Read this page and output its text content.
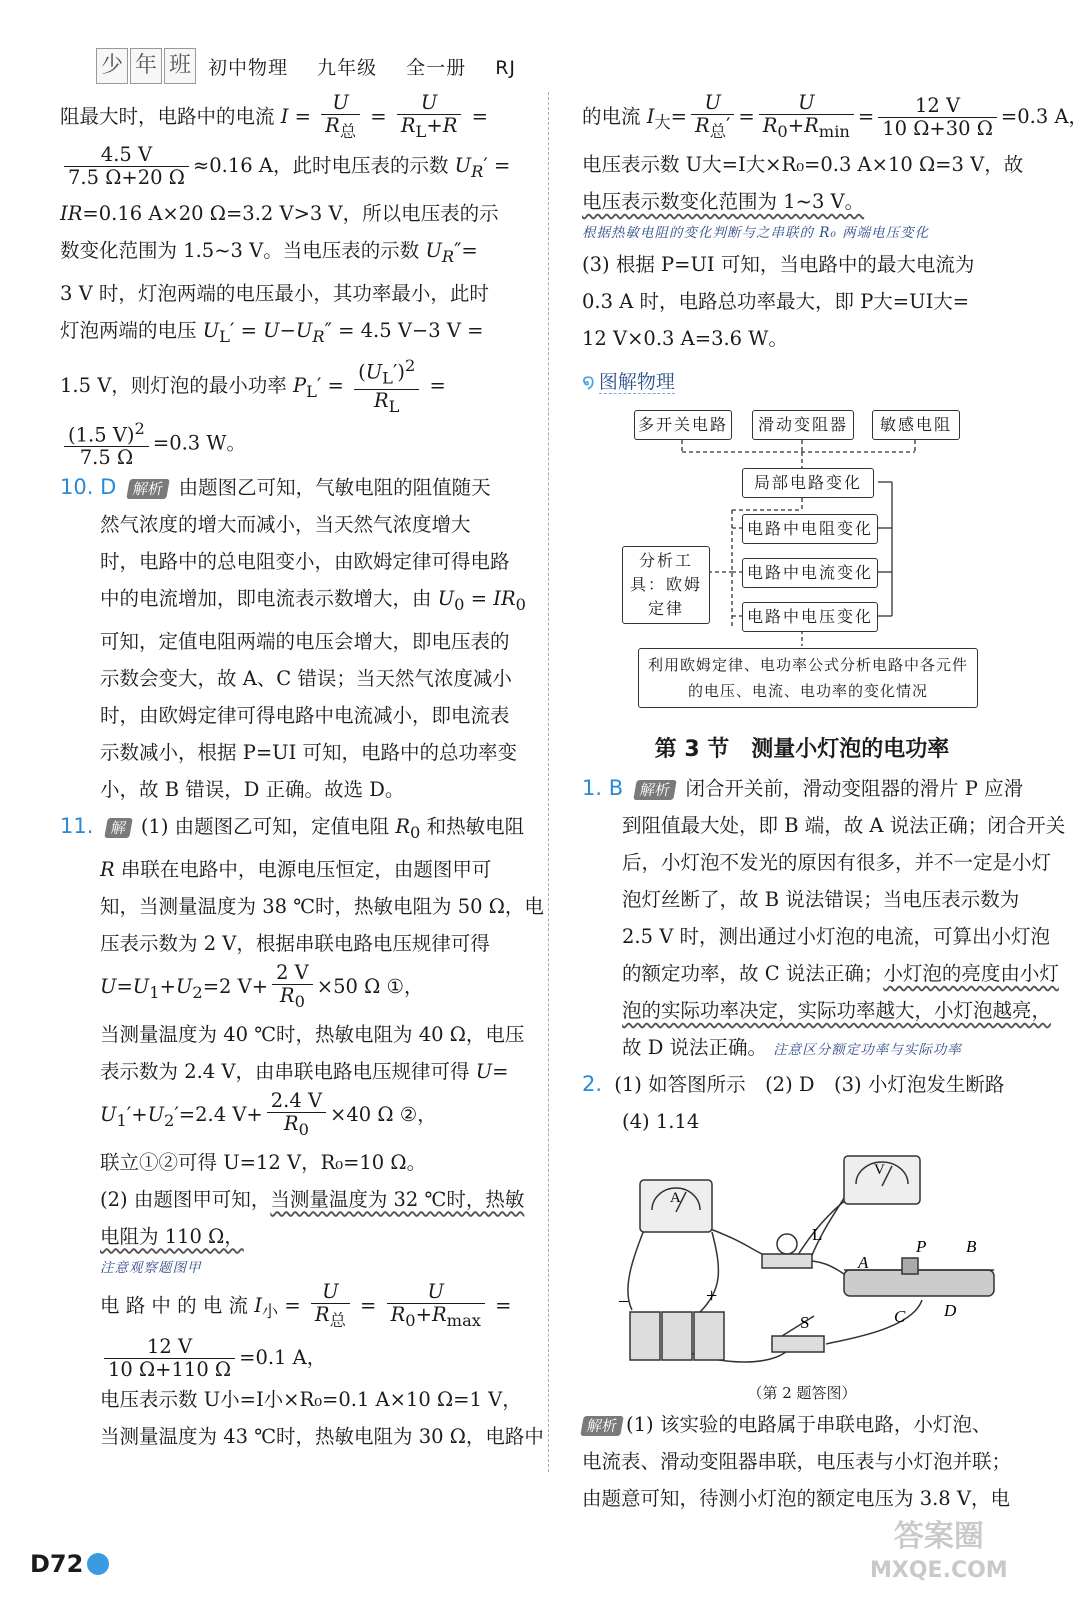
少 年 班 初中物理 九年级 全一册 RJ
阻最大时，电路中的电流 $I = \frac{U}{R_总} = \frac{U}{R_L+R}$ =
$\frac{4.5 V}{7.5 \Omega+20 \Omega} \approx 0.16$ A，此时电压表的示数 $U_R'$ =
IR=0.16 A×20 Ω=3.2 V>3 V，所以电压表的示
数变化范围为 1.5~3 V。当电压表的示数 $U_R''=$
3 V 时，灯泡两端的电压最小，其功率最小，此时
灯泡两端的电压 $U_L' = U-U_R'' = 4.5$ V−3 V =
1.5 V，则灯泡的最小功率 $P_L' = \frac{(U_L')^2}{R_L}$ =
$\frac{(1.5 V)^2}{7.5 \Omega} =0.3$ W。
10. D 解析 由题图乙可知，气敏电阻的阻值随天
然气浓度的增大而减小，当天然气浓度增大
时，电路中的总电阻变小，由欧姆定律可得电路
中的电流增加，即电流表示数增大，由 $U_0 = IR_0$
可知，定值电阻两端的电压会增大，即电压表的
示数会变大，故 A、C 错误；当天然气浓度减小
时，由欧姆定律可得电路中电流减小，即电流表
示数减小，根据 P=UI 可知，电路中的总功率变
小，故 B 错误，D 正确。故选 D。
11. 解 (1) 由题图乙可知，定值电阻 $R_0$ 和热敏电阻
R 串联在电路中，电源电压恒定，由题图甲可
知，当测量温度为 38 ℃时，热敏电阻为 50 Ω，电
压表示数为 2 V，根据串联电路电压规律可得
$U=U_1+U_2=2$ $V+ \frac{2 V}{R_0} \times 50$ Ω ①，
当测量温度为 40 ℃时，热敏电阻为 40 Ω，电压
表示数为 2.4 V，由串联电路电压规律可得 U=
$U_1'+U_2'=2.4$ $V+ \frac{2.4 V}{R_0} \times 40$ Ω ②，
联立①②可得 U=12 V，R₀=10 Ω。
(2) 由题图甲可知，当测量温度为 32 ℃时，热敏
电阻为 110 Ω，
注意观察题图甲
电 路 中 的 电 流 $I_小 = \frac{U}{R_总} = \frac{U}{R_0+R_{max}}$ =
$\frac{12 V}{10 \Omega+110 \Omega} =0.1$ A，
电压表示数 U小=I小×R₀=0.1 A×10 Ω=1 V，
当测量温度为 43 ℃时，热敏电阻为 30 Ω，电路中
的电流 $I_大= \frac{U}{R_总'} = \frac{U}{R_0+R_{min}} = \frac{12 V}{10 \Omega+30 \Omega} =0.3$ A，
电压表示数 U大=I大×R₀=0.3 A×10 Ω=3 V，故
电压表示数变化范围为 1~3 V。
根据热敏电阻的变化判断与之串联的 R₀ 两端电压变化
(3) 根据 P=UI 可知，当电路中的最大电流为
0.3 A 时，电路总功率最大，即 P大=UI大=
12 V×0.3 A=3.6 W。
໑ 图解物理
多开关电路	滑动变阻器	敏感电阻
局部电路变化
分析工具：欧姆定律
电路中电阻变化
电路中电流变化
电路中电压变化
利用欧姆定律、电功率公式分析电路中各元件的电压、电流、电功率的变化情况
第 3 节　测量小灯泡的电功率
1. B 解析 闭合开关前，滑动变阻器的滑片 P 应滑
到阻值最大处，即 B 端，故 A 说法正确；闭合开关
后，小灯泡不发光的原因有很多，并不一定是小灯
泡灯丝断了，故 B 说法错误；当电压表示数为
2.5 V 时，测出通过小灯泡的电流，可算出小灯泡
的额定功率，故 C 说法正确；小灯泡的亮度由小灯
泡的实际功率决定，实际功率越大，小灯泡越亮，
故 D 说法正确。 注意区分额定功率与实际功率
2. (1) 如答图所示　(2) D　(3) 小灯泡发生断路
(4) 1.14
A
V
L
A
P B
C D
S
−	+
（第 2 题答图）
解析 (1) 该实验的电路属于串联电路，小灯泡、
电流表、滑动变阻器串联，电压表与小灯泡并联；
由题意可知，待测小灯泡的额定电压为 3.8 V，电
D72
答案圈
MXQE.COM
